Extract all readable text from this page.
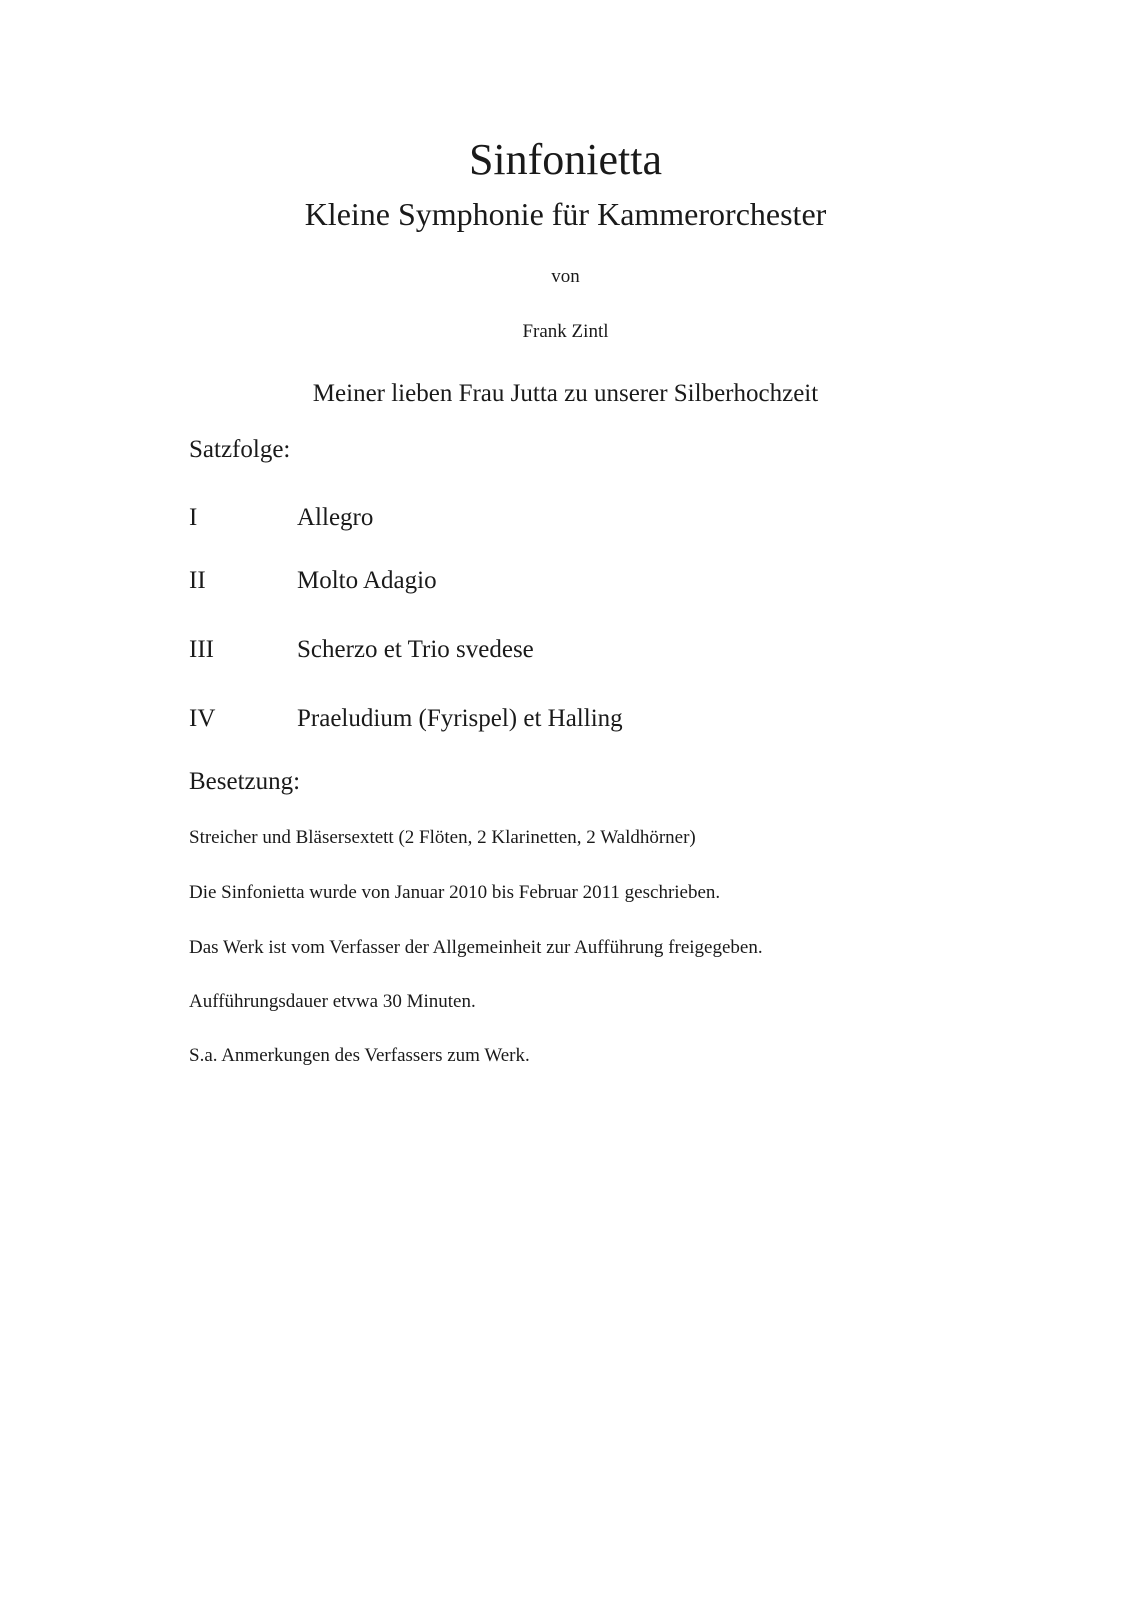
Sinfonietta
Kleine Symphonie für Kammerorchester
von
Frank Zintl
Meiner lieben Frau Jutta zu unserer Silberhochzeit
Satzfolge:
I	Allegro
II	Molto Adagio
III	Scherzo et Trio svedese
IV	Praeludium (Fyrispel) et Halling
Besetzung:
Streicher und Bläsersextett (2 Flöten, 2 Klarinetten, 2 Waldhörner)
Die Sinfonietta wurde von Januar 2010 bis Februar 2011 geschrieben.
Das Werk ist vom Verfasser der Allgemeinheit zur Aufführung freigegeben.
Aufführungsdauer etvwa 30 Minuten.
S.a. Anmerkungen des Verfassers zum Werk.
